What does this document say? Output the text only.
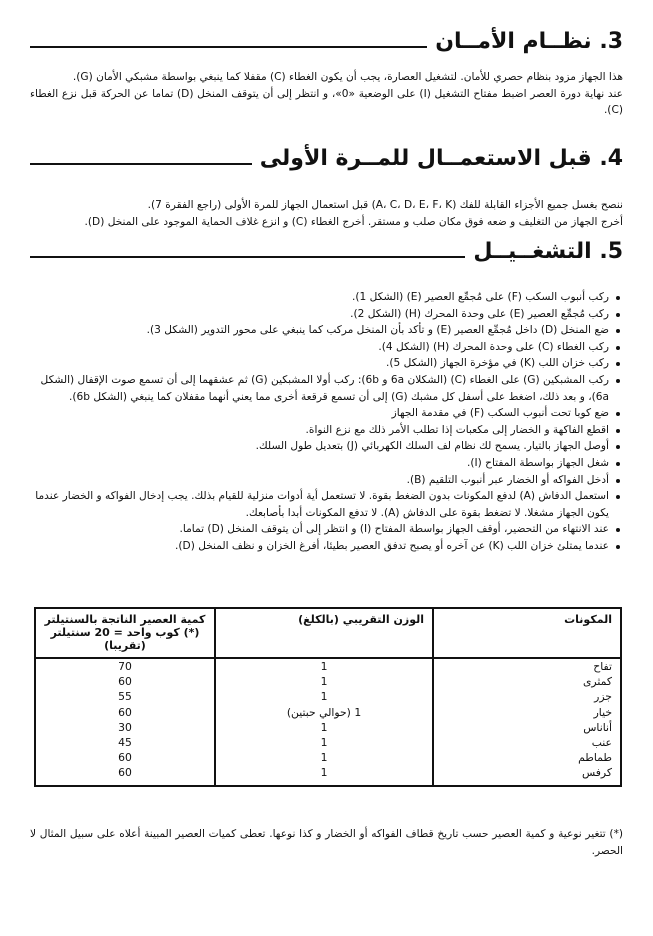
3. نظــام الأمــان

هذا الجهاز مزود بنظام حصري للأمان. لتشغيل العصارة، يجب أن يكون الغطاء (C) مقفلا كما ينبغي بواسطة مشبكي الأمان (G).

عند نهاية دورة العصر اضبط مفتاح التشغيل (I) على الوضعية «0»، و انتظر إلى أن يتوقف المنخل (D) تماما عن الحركة قبل نزع الغطاء (C).

4. قبل الاستعمــال للمــرة الأولى

ننصح بغسل جميع الأجزاء القابلة للفك (A، C، D، E، F، K) قبل استعمال الجهاز للمرة الأولى (راجع الفقرة 7).

أخرج الجهاز من التغليف و ضعه فوق مكان صلب و مستقر. أخرج الغطاء (C) و انزع غلاف الحماية الموجود على المنخل (D).

5. التشغــيــل
ركب أنبوب السكب (F) على مُجمِّع العصير (E) (الشكل 1).
ركب مُجمِّع العصير (E) على وحدة المحرك (H) (الشكل 2).
ضع المنخل (D) داخل مُجمِّع العصير (E) و تأكد بأن المنخل مركب كما ينبغي على محور التدوير (الشكل 3).
ركب الغطاء (C) على وحدة المحرك (H) (الشكل 4).
ركب خزان اللب (K) في مؤخرة الجهاز (الشكل 5).
ركب المشبكين (G) على الغطاء (C) (الشكلان 6a و 6b): ركب أولا المشبكين (G) ثم عشقهما إلى أن تسمع صوت الإقفال (الشكل 6a)، و بعد ذلك، اضغط على أسفل كل مشبك (G) إلى أن تسمع قرقعة أخرى مما يعني أنهما مقفلان كما ينبغي (الشكل 6b).
ضع كوبا تحت أنبوب السكب (F) في مقدمة الجهاز
اقطع الفاكهة و الخضار إلى مكعبات إذا تطلب الأمر ذلك مع نزع النواة.
أوصل الجهاز بالتيار. يسمح لك نظام لف السلك الكهربائي (J) بتعديل طول السلك.
شغل الجهاز بواسطة المفتاح (I).
أدخل الفواكه أو الخضار عبر أنبوب التلقيم (B).
استعمل الدفاش (A) لدفع المكونات بدون الضغط بقوة. لا تستعمل أية أدوات منزلية للقيام بذلك. يجب إدخال الفواكه و الخضار عندما يكون الجهاز مشغلا. لا تضغط بقوة على الدفاش (A). لا تدفع المكونات أبدا بأصابعك.
عند الانتهاء من التحضير، أوقف الجهاز بواسطة المفتاح (I) و انتظر إلى أن يتوقف المنخل (D) تماما.
عندما يمتلئ خزان اللب (K) عن آخره أو يصبح تدفق العصير بطيئا، أفرغ الخزان و نظف المنخل (D).
المكونات	الوزن التقريبي (بالكلغ)	كمية العصير الناتجة بالسنتيلتر (*) كوب واحد = 20 سنتيلتر (تقريبا)
تفاح	1	70
كمثرى	1	60
جزر	1	55
خيار	1 (حوالي حبتين)	60
أناناس	1	30
عنب	1	45
طماطم	1	60
كرفس	1	60

(*) تتغير نوعية و كمية العصير حسب تاريخ قطاف الفواكه أو الخضار و كذا نوعها. تعطى كميات العصير المبينة أعلاه على سبيل المثال لا الحصر.
